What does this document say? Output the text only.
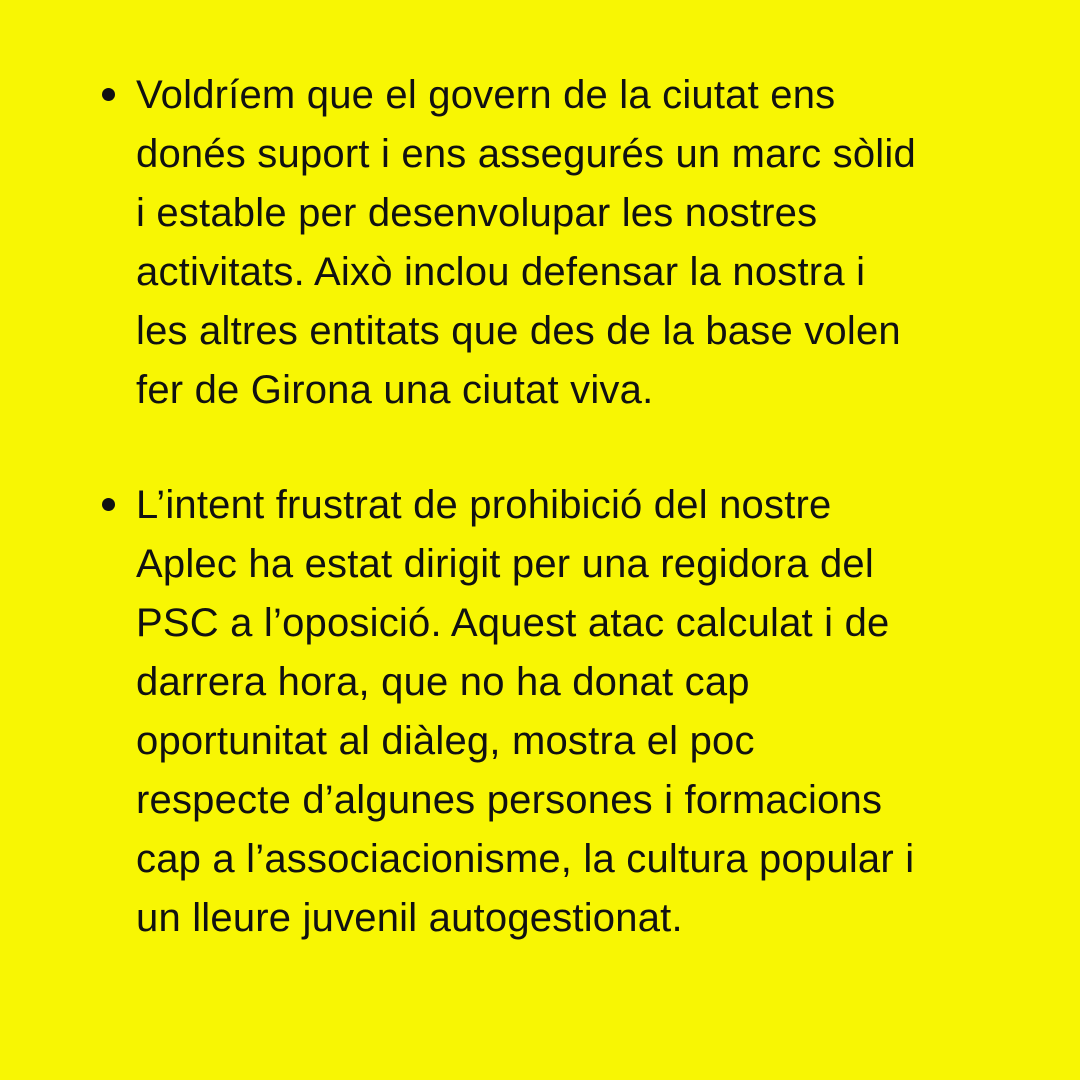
Voldríem que el govern de la ciutat ens
donés suport i ens assegurés un marc sòlid
i estable per desenvolupar les nostres
activitats. Això inclou defensar la nostra i
les altres entitats que des de la base volen
fer de Girona una ciutat viva.
L’intent frustrat de prohibició del nostre
Aplec ha estat dirigit per una regidora del
PSC a l’oposició. Aquest atac calculat i de
darrera hora, que no ha donat cap
oportunitat al diàleg, mostra el poc
respecte d’algunes persones i formacions
cap a l’associacionisme, la cultura popular i
un lleure juvenil autogestionat.
